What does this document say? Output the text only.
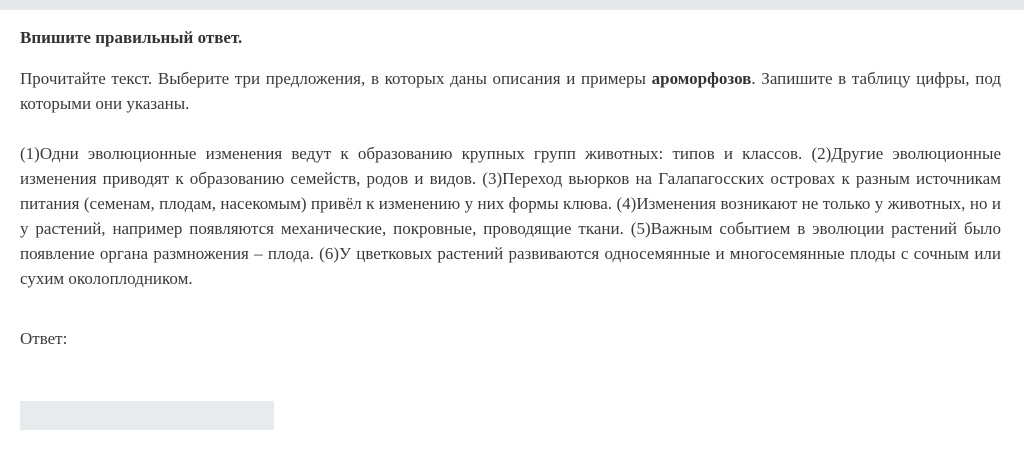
Впишите правильный ответ.
Прочитайте текст. Выберите три предложения, в которых даны описания и примеры ароморфозов. Запишите в таблицу цифры, под которыми они указаны.
(1)Одни эволюционные изменения ведут к образованию крупных групп животных: типов и классов. (2)Другие эволюционные изменения приводят к образованию семейств, родов и видов. (3)Переход вьюрков на Галапагосских островах к разным источникам питания (семенам, плодам, насекомым) привёл к изменению у них формы клюва. (4)Изменения возникают не только у животных, но и у растений, например появляются механические, покровные, проводящие ткани. (5)Важным событием в эволюции растений было появление органа размножения – плода. (6)У цветковых растений развиваются односемянные и многосемянные плоды с сочным или сухим околоплодником.
Ответ:
